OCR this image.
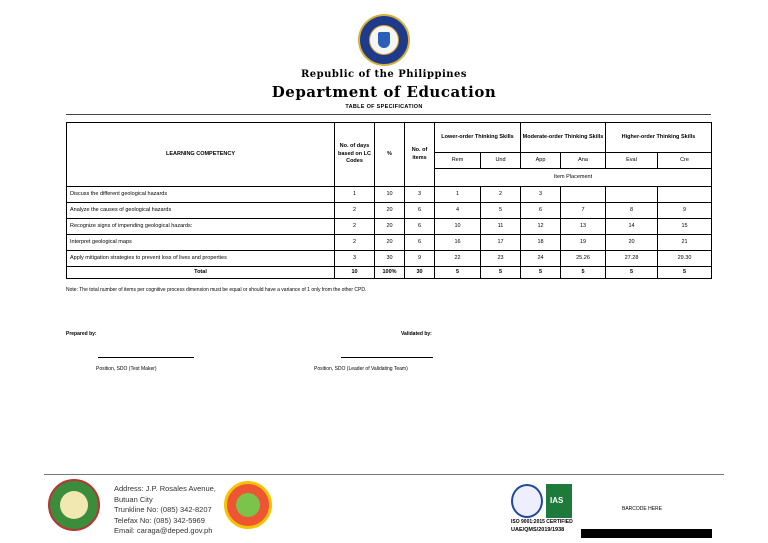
Republic of the Philippines
Department of Education
TABLE OF SPECIFICATION
LEARNING COMPETENCY	No. of days based on LC Codes	%	No. of items	Lower-order Thinking Skills		Moderate-order Thinking Skills		Higher-order Thinking Skills	
				Rem	Und	App	Ana	Eval	Cre
				Item Placement					
Discuss the different geological hazards	1	10	3	1	2	3			
Analyze the causes of geological hazards	2	20	6	4	5	6	7	8	9
Recognize signs of impending geological hazards:	2	20	6	10	11	12	13	14	15
Interpret geological maps	2	20	6	16	17	18	19	20	21
Apply mitigation strategies to prevent loss of lives and properties	3	30	9	22	23	24	25.26	27.28	29.30
Total	10	100%	30	5	5	5	5	5	5
Note: The total number of items per cognitive process dimension must be equal or should have a variance of 1 only from the other CPD.
Prepared by:	Validated by:
Position, SDO (Test Maker)	Position, SDO (Leader of Validating Team)
Address: J.P. Rosales Avenue,
Butuan City
Trunkline No: (085) 342-8207
Telefax No: (085) 342-5969
Email: caraga@deped.gov.ph
IAS
ISO 9001:2015 CERTIFIED
UAE/QMS/2019/1938
BARCODE HERE
